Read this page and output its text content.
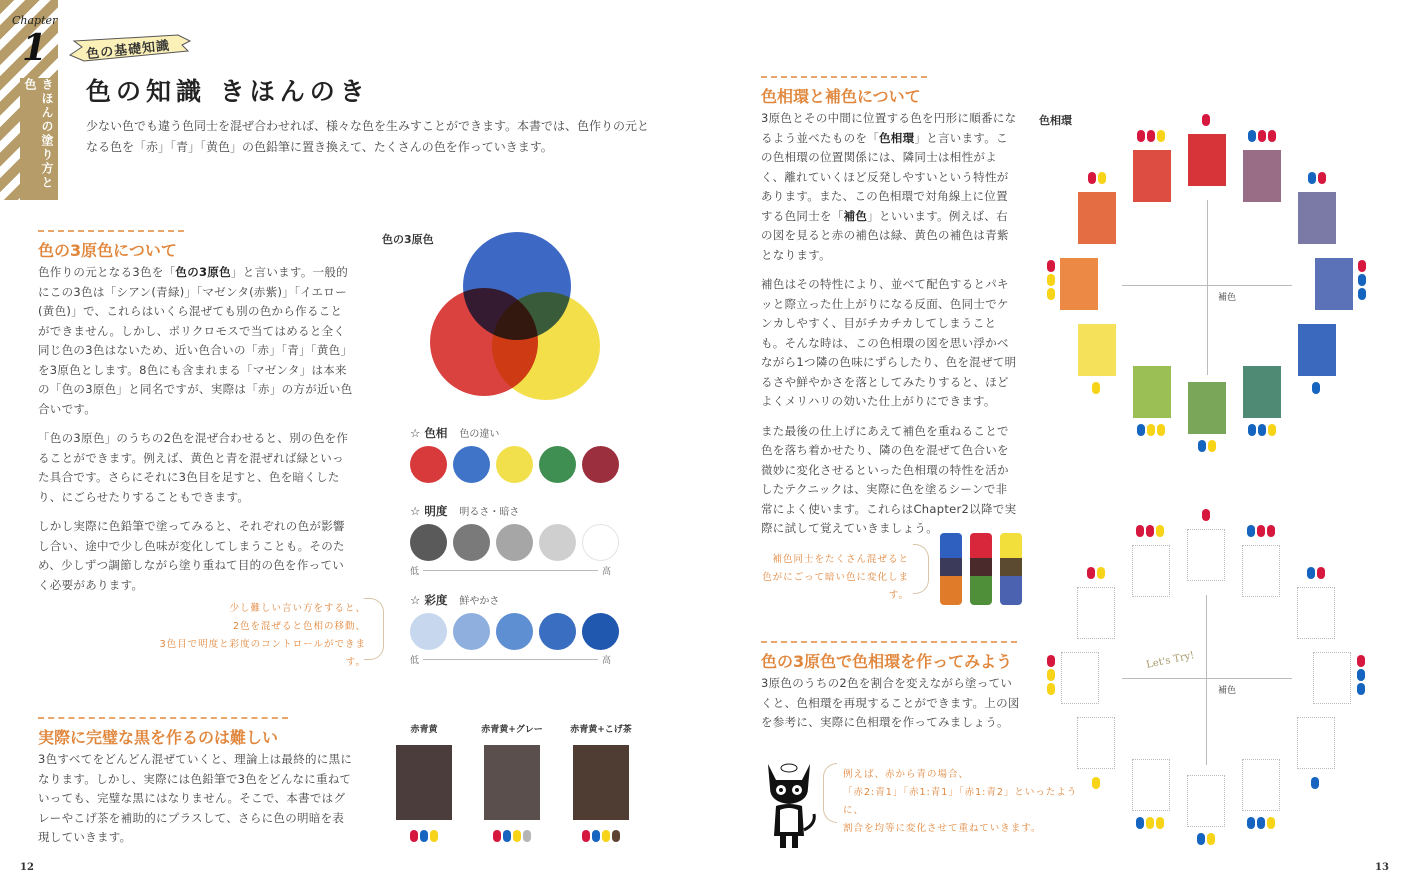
Chapter
1
きほんの塗り方と色
色の基礎知識
色の知識 きほんのき

少ない色でも違う色同士を混ぜ合わせれば、様々な色を生みすことができます。本書では、色作りの元となる色を「赤」「青」「黄色」の色鉛筆に置き換えて、たくさんの色を作っていきます。

色の3原色について

色作りの元となる3色を「色の3原色」と言います。一般的にこの3色は「シアン(青緑)」「マゼンタ(赤紫)」「イエロー(黄色)」で、これらはいくら混ぜても別の色から作ることができません。しかし、ポリクロモスで当てはめると全く同じ色の3色はないため、近い色合いの「赤」「青」「黄色」を3原色とします。8色にも含まれまる「マゼンタ」は本来の「色の3原色」と同名ですが、実際は「赤」の方が近い色合いです。

「色の3原色」のうちの2色を混ぜ合わせると、別の色を作ることができます。例えば、黄色と青を混ぜれば緑といった具合です。さらにそれに3色目を足すと、色を暗くしたり、にごらせたりすることもできます。

しかし実際に色鉛筆で塗ってみると、それぞれの色が影響し合い、途中で少し色味が変化してしまうことも。そのため、少しずつ調節しながら塗り重ねて目的の色を作っていく必要があります。

少し難しい言い方をすると、
2色を混ぜると色相の移動、
3色目で明度と彩度のコントロールができます。
色の3原色
☆ 色相 色の違い
☆ 明度 明るさ・暗さ
低	高
☆ 彩度 鮮やかさ
低	高
実際に完璧な黒を作るのは難しい

3色すべてをどんどん混ぜていくと、理論上は最終的に黒になります。しかし、実際には色鉛筆で3色をどんなに重ねていっても、完璧な黒にはなりません。そこで、本書ではグレーやこげ茶を補助的にプラスして、さらに色の明暗を表現していきます。

赤青黄	赤青黄+グレー	赤青黄+こげ茶
12
色相環と補色について

3原色とその中間に位置する色を円形に順番になるよう並べたものを「色相環」と言います。この色相環の位置関係には、隣同士は相性がよく、離れていくほど反発しやすいという特性があります。また、この色相環で対角線上に位置する色同士を「補色」といいます。例えば、右の図を見ると赤の補色は緑、黄色の補色は青紫となります。

補色はその特性により、並べて配色するとパキッと際立った仕上がりになる反面、色同士でケンカしやすく、目がチカチカしてしまうことも。そんな時は、この色相環の図を思い浮かべながら1つ隣の色味にずらしたり、色を混ぜて明るさや鮮やかさを落としてみたりすると、ほどよくメリハリの効いた仕上がりにできます。

また最後の仕上げにあえて補色を重ねることで色を落ち着かせたり、隣の色を混ぜて色合いを微妙に変化させるといった色相環の特性を活かしたテクニックは、実際に色を塗るシーンで非常によく使います。これらはChapter2以降で実際に試して覚えていきましょう。

補色同士をたくさん混ぜると
色がにごって暗い色に変化します。
色の3原色で色相環を作ってみよう

3原色のうちの2色を割合を変えながら塗っていくと、色相環を再現することができます。上の図を参考に、実際に色相環を作ってみましょう。

例えば、赤から青の場合、
「赤2:青1」「赤1:青1」「赤1:青2」といったように、
割合を均等に変化させて重ねていきます。
色相環
13
補色
補色
Let's Try!
